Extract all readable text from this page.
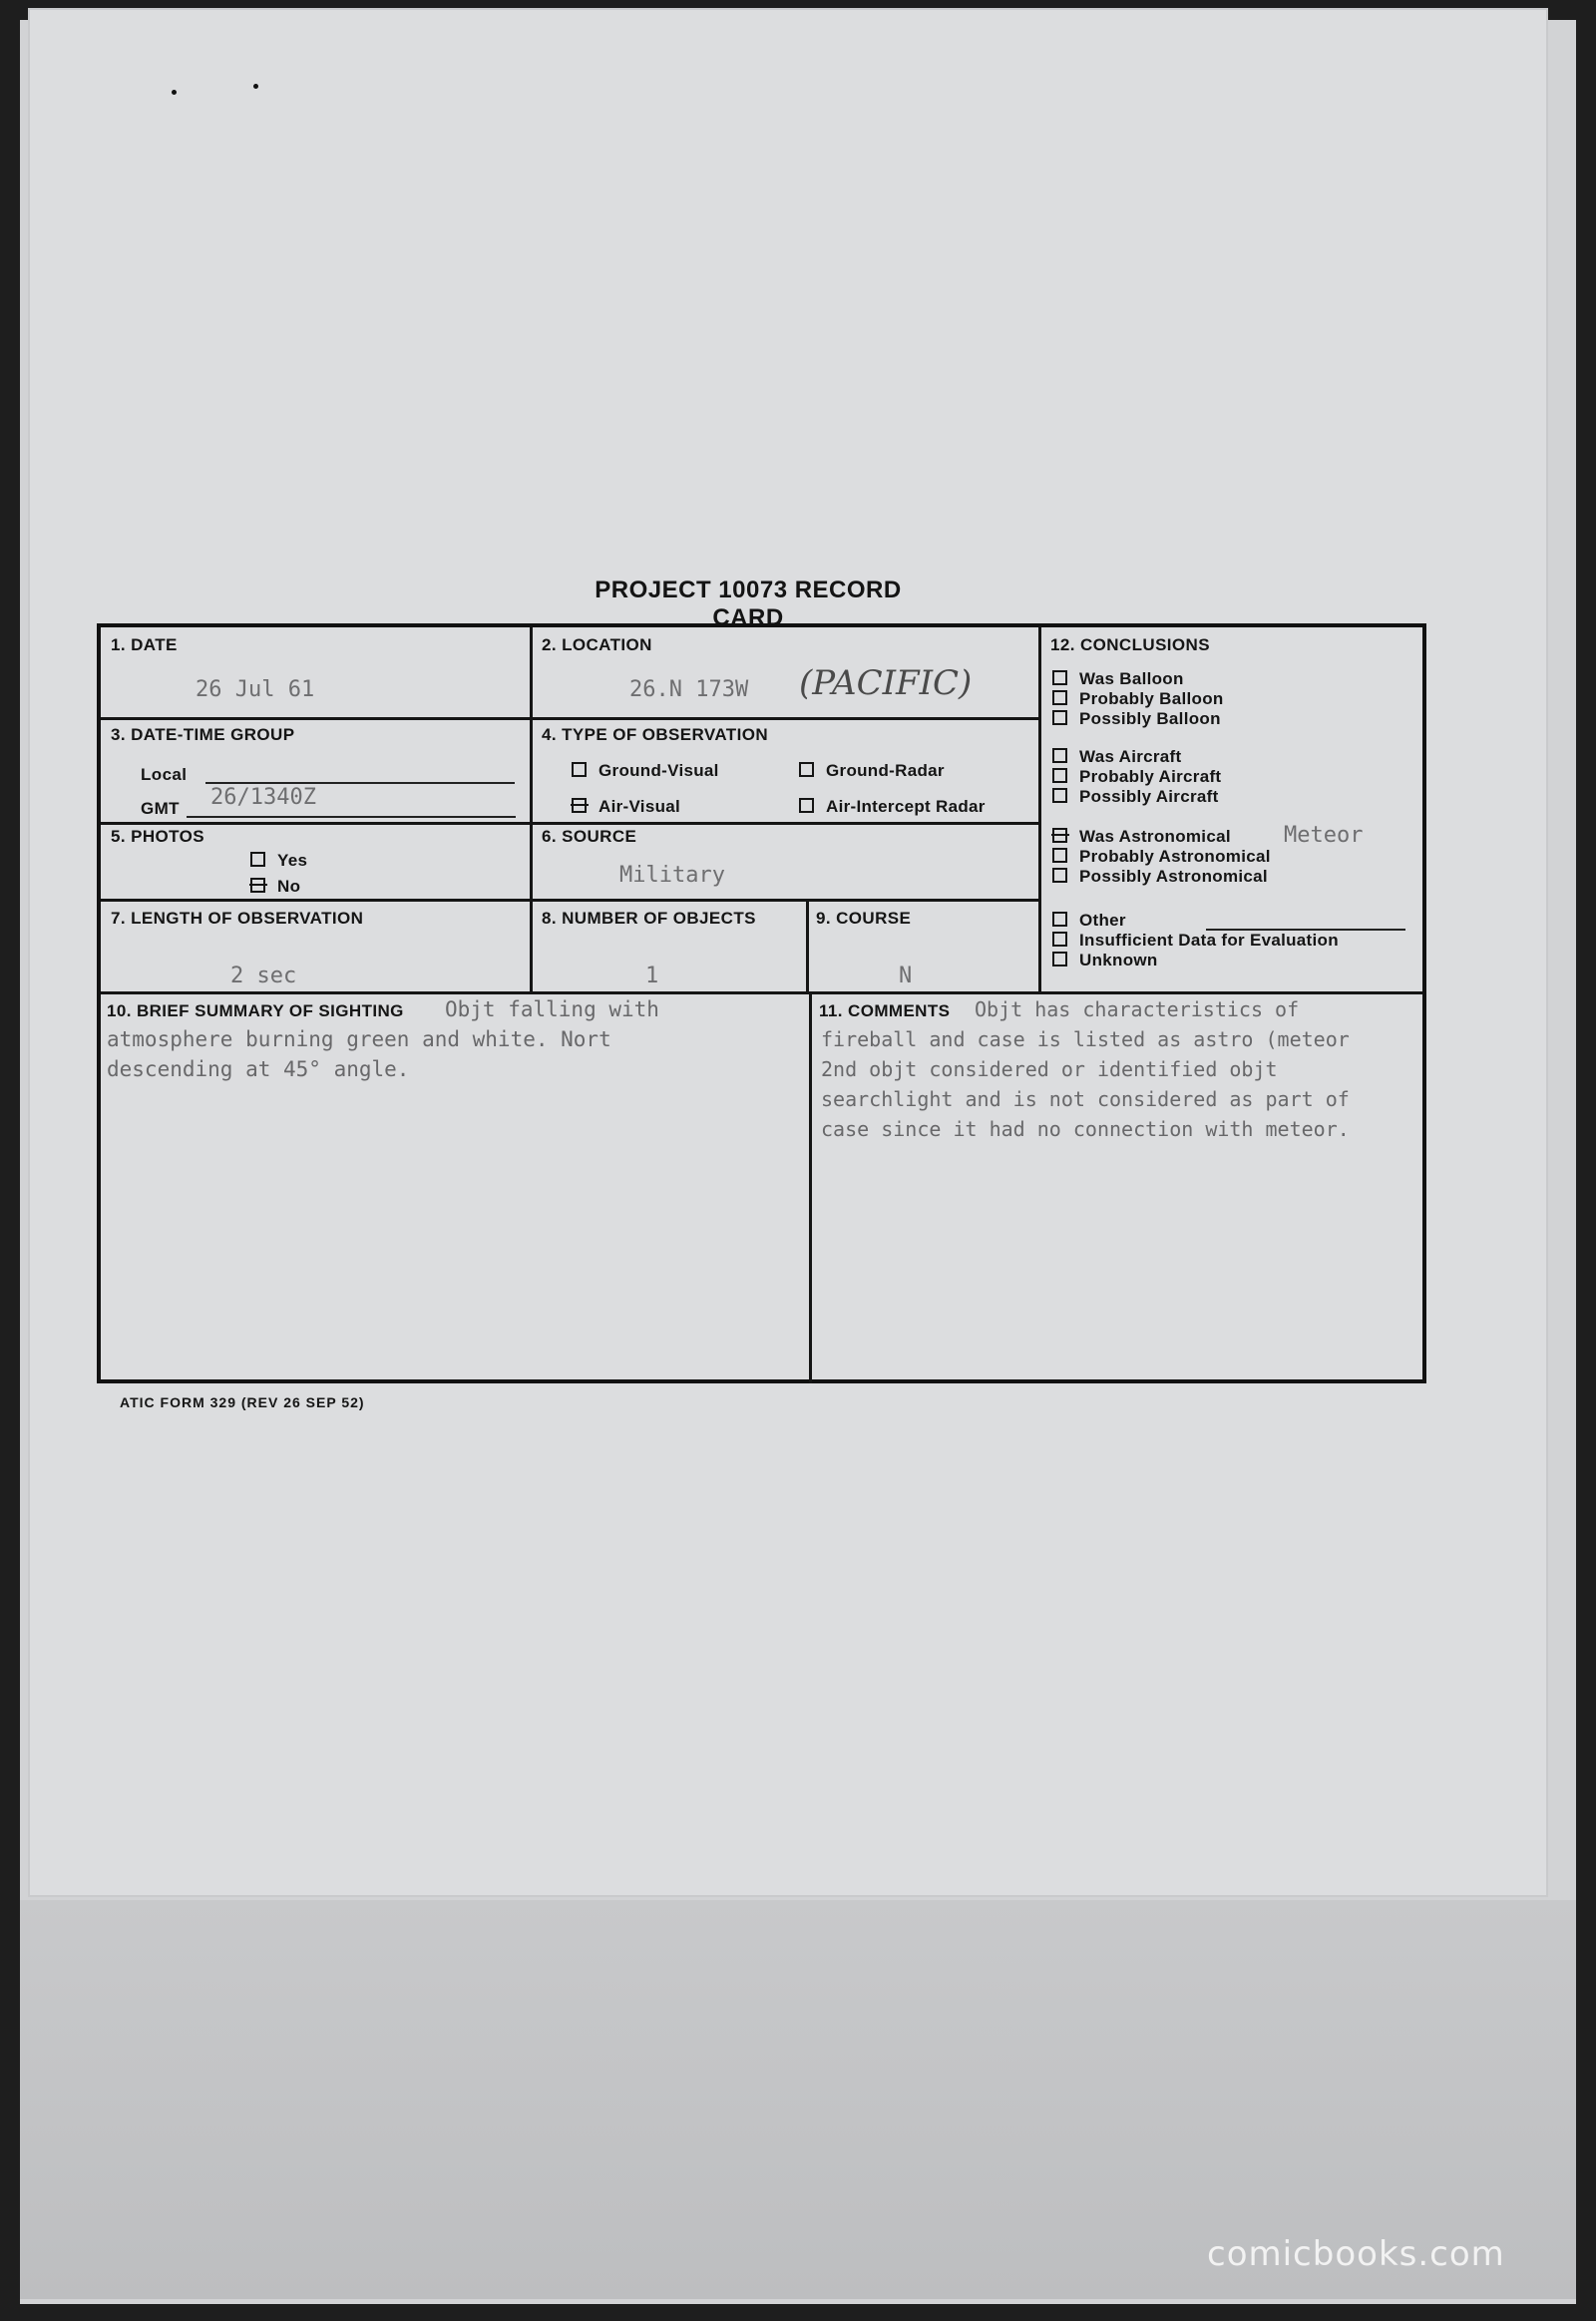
PROJECT 10073 RECORD CARD
1. DATE
26 Jul 61
2. LOCATION
26.N 173W (PACIFIC)
3. DATE-TIME GROUP
Local
GMT 26/1340Z
4. TYPE OF OBSERVATION
Ground-Visual	Ground-Radar
Air-Visual	Air-Intercept Radar
5. PHOTOS
Yes
No
6. SOURCE
Military
7. LENGTH OF OBSERVATION
2 sec
8. NUMBER OF OBJECTS
1
9. COURSE
N
10. BRIEF SUMMARY OF SIGHTING Objt falling with
atmosphere burning green and white. Nort
descending at 45° angle.
11. COMMENTS Objt has characteristics of
fireball and case is listed as astro (meteor
2nd objt considered or identified objt
searchlight and is not considered as part of
case since it had no connection with meteor.
12. CONCLUSIONS
Was Balloon
Probably Balloon
Possibly Balloon
Was Aircraft
Probably Aircraft
Possibly Aircraft
Was Astronomical Meteor
Probably Astronomical
Possibly Astronomical
Other
Insufficient Data for Evaluation
Unknown
ATIC FORM 329 (REV 26 SEP 52)
comicbooks.com
